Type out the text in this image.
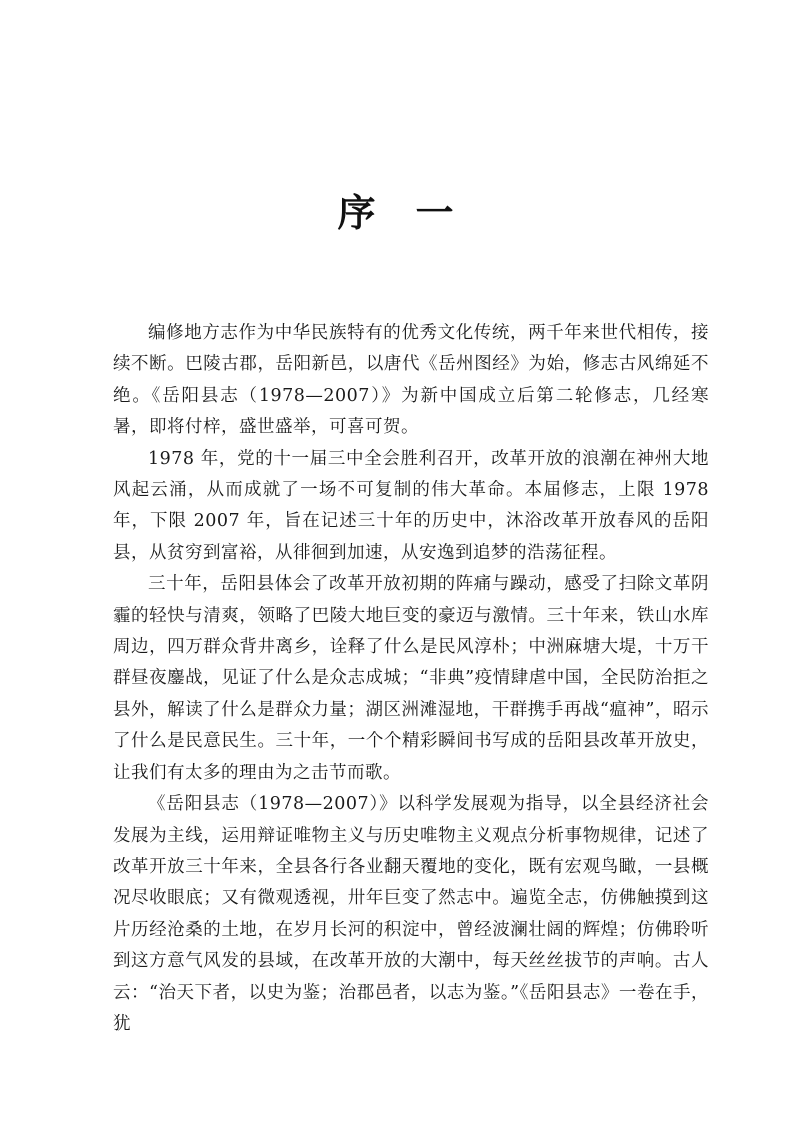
序 一

编修地方志作为中华民族特有的优秀文化传统，两千年来世代相传，接续不断。巴陵古郡，岳阳新邑，以唐代《岳州图经》为始，修志古风绵延不绝。《岳阳县志（1978—2007）》为新中国成立后第二轮修志，几经寒暑，即将付梓，盛世盛举，可喜可贺。

1978 年，党的十一届三中全会胜利召开，改革开放的浪潮在神州大地风起云涌，从而成就了一场不可复制的伟大革命。本届修志，上限 1978 年，下限 2007 年，旨在记述三十年的历史中，沐浴改革开放春风的岳阳县，从贫穷到富裕，从徘徊到加速，从安逸到追梦的浩荡征程。

三十年，岳阳县体会了改革开放初期的阵痛与躁动，感受了扫除文革阴霾的轻快与清爽，领略了巴陵大地巨变的豪迈与激情。三十年来，铁山水库周边，四万群众背井离乡，诠释了什么是民风淳朴；中洲麻塘大堤，十万干群昼夜鏖战，见证了什么是众志成城；“非典”疫情肆虐中国，全民防治拒之县外，解读了什么是群众力量；湖区洲滩湿地，干群携手再战“瘟神”，昭示了什么是民意民生。三十年，一个个精彩瞬间书写成的岳阳县改革开放史，让我们有太多的理由为之击节而歌。

《岳阳县志（1978—2007）》以科学发展观为指导，以全县经济社会发展为主线，运用辩证唯物主义与历史唯物主义观点分析事物规律，记述了改革开放三十年来，全县各行各业翻天覆地的变化，既有宏观鸟瞰，一县概况尽收眼底；又有微观透视，卅年巨变了然志中。遍览全志，仿佛触摸到这片历经沧桑的土地，在岁月长河的积淀中，曾经波澜壮阔的辉煌；仿佛聆听到这方意气风发的县域，在改革开放的大潮中，每天丝丝拔节的声响。古人云：“治天下者，以史为鉴；治郡邑者，以志为鉴。”《岳阳县志》一卷在手，犹
